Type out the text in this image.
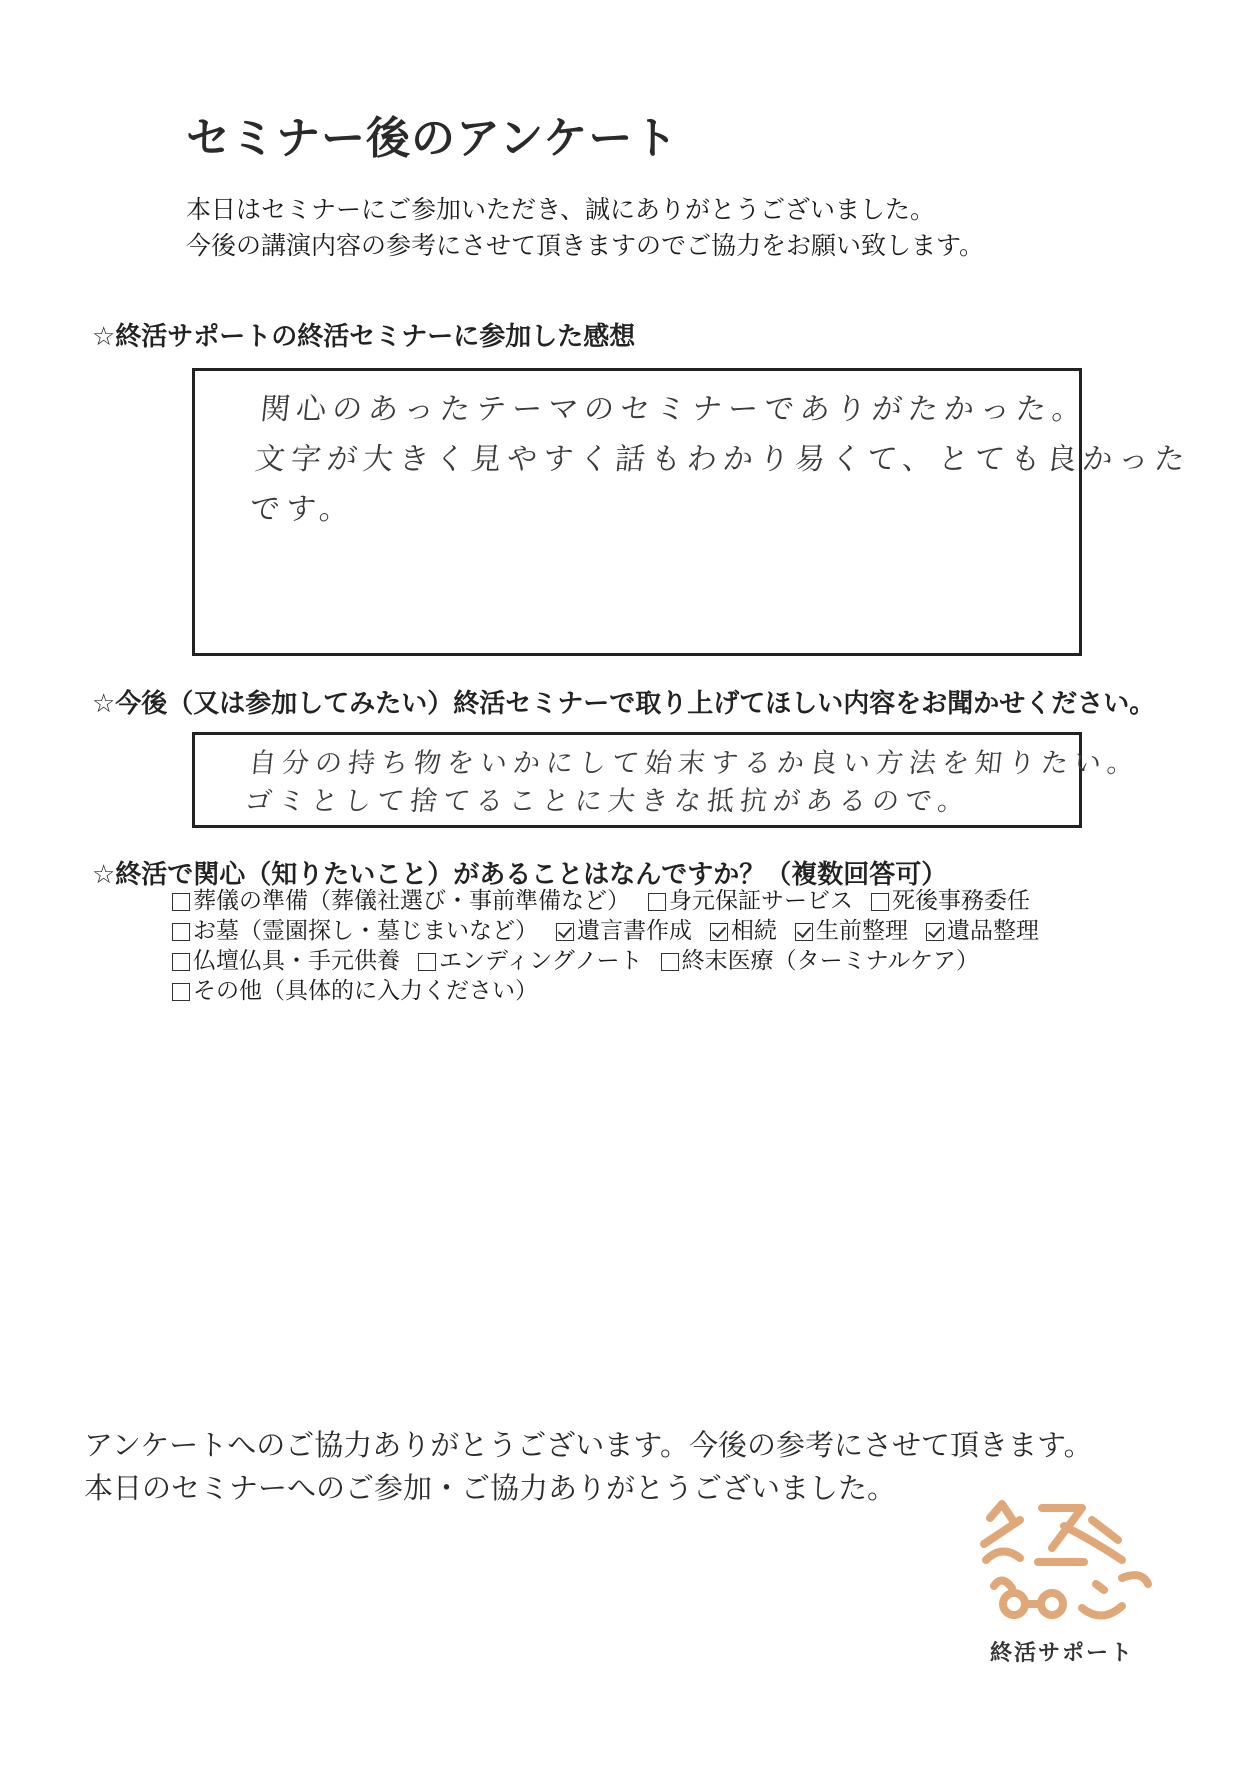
セミナー後のアンケート
本日はセミナーにご参加いただき、誠にありがとうございました。
今後の講演内容の参考にさせて頂きますのでご協力をお願い致します。
☆終活サポートの終活セミナーに参加した感想
関心のあったテーマのセミナーでありがたかった。
文字が大きく見やすく話もわかり易くて、とても良かった
です。
☆今後（又は参加してみたい）終活セミナーで取り上げてほしい内容をお聞かせください。
自分の持ち物をいかにして始末するか良い方法を知りたい。
ゴミとして捨てることに大きな抵抗があるので。
☆終活で関心（知りたいこと）があることはなんですか？（複数回答可）
葬儀の準備（葬儀社選び・事前準備など） 身元保証サービス 死後事務委任
お墓（霊園探し・墓じまいなど） 遺言書作成 相続 生前整理 遺品整理
仏壇仏具・手元供養 エンディングノート 終末医療（ターミナルケア）
その他（具体的に入力ください）
アンケートへのご協力ありがとうございます。今後の参考にさせて頂きます。
本日のセミナーへのご参加・ご協力ありがとうございました。
終活サポート
